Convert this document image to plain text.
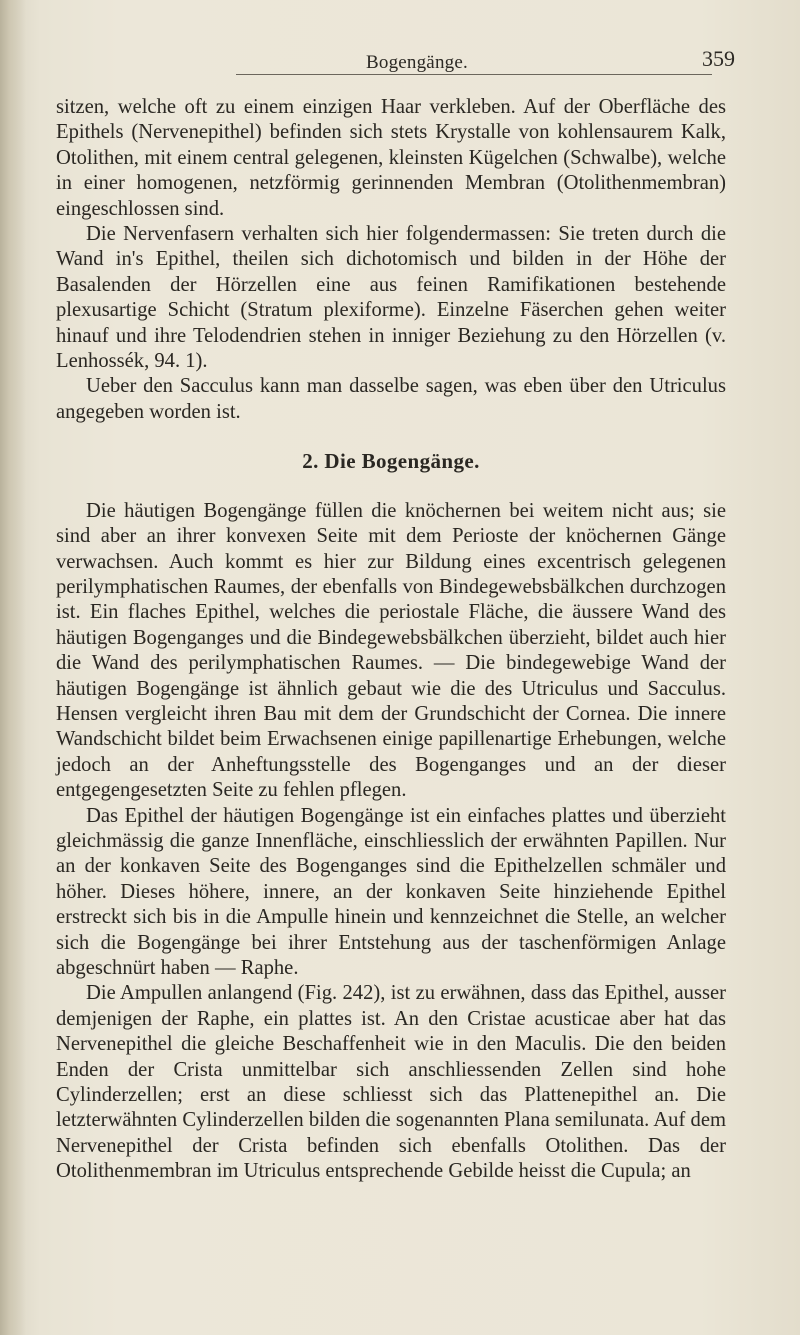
Bogengänge.	359

sitzen, welche oft zu einem einzigen Haar verkleben. Auf der Oberfläche des Epithels (Nervenepithel) befinden sich stets Krystalle von kohlensaurem Kalk, Otolithen, mit einem central gelegenen, kleinsten Kügelchen (Schwalbe), welche in einer homogenen, netzförmig gerinnenden Membran (Otolithenmembran) eingeschlossen sind.

Die Nervenfasern verhalten sich hier folgendermassen: Sie treten durch die Wand in's Epithel, theilen sich dichotomisch und bilden in der Höhe der Basalenden der Hörzellen eine aus feinen Ramifikationen bestehende plexusartige Schicht (Stratum plexiforme). Einzelne Fäserchen gehen weiter hinauf und ihre Telodendrien stehen in inniger Beziehung zu den Hörzellen (v. Lenhossék, 94. 1).

Ueber den Sacculus kann man dasselbe sagen, was eben über den Utriculus angegeben worden ist.

2. Die Bogengänge.

Die häutigen Bogengänge füllen die knöchernen bei weitem nicht aus; sie sind aber an ihrer konvexen Seite mit dem Perioste der knöchernen Gänge verwachsen. Auch kommt es hier zur Bildung eines excentrisch gelegenen perilymphatischen Raumes, der ebenfalls von Bindegewebsbälkchen durchzogen ist. Ein flaches Epithel, welches die periostale Fläche, die äussere Wand des häutigen Bogenganges und die Bindegewebsbälkchen überzieht, bildet auch hier die Wand des perilymphatischen Raumes. — Die bindegewebige Wand der häutigen Bogengänge ist ähnlich gebaut wie die des Utriculus und Sacculus. Hensen vergleicht ihren Bau mit dem der Grundschicht der Cornea. Die innere Wandschicht bildet beim Erwachsenen einige papillenartige Erhebungen, welche jedoch an der Anheftungsstelle des Bogenganges und an der dieser entgegengesetzten Seite zu fehlen pflegen.

Das Epithel der häutigen Bogengänge ist ein einfaches plattes und überzieht gleichmässig die ganze Innenfläche, einschliesslich der erwähnten Papillen. Nur an der konkaven Seite des Bogenganges sind die Epithelzellen schmäler und höher. Dieses höhere, innere, an der konkaven Seite hinziehende Epithel erstreckt sich bis in die Ampulle hinein und kennzeichnet die Stelle, an welcher sich die Bogengänge bei ihrer Entstehung aus der taschenförmigen Anlage abgeschnürt haben — Raphe.

Die Ampullen anlangend (Fig. 242), ist zu erwähnen, dass das Epithel, ausser demjenigen der Raphe, ein plattes ist. An den Cristae acusticae aber hat das Nervenepithel die gleiche Beschaffenheit wie in den Maculis. Die den beiden Enden der Crista unmittelbar sich anschliessenden Zellen sind hohe Cylinderzellen; erst an diese schliesst sich das Plattenepithel an. Die letzterwähnten Cylinderzellen bilden die sogenannten Plana semilunata. Auf dem Nervenepithel der Crista befinden sich ebenfalls Otolithen. Das der Otolithenmembran im Utriculus entsprechende Gebilde heisst die Cupula; an
